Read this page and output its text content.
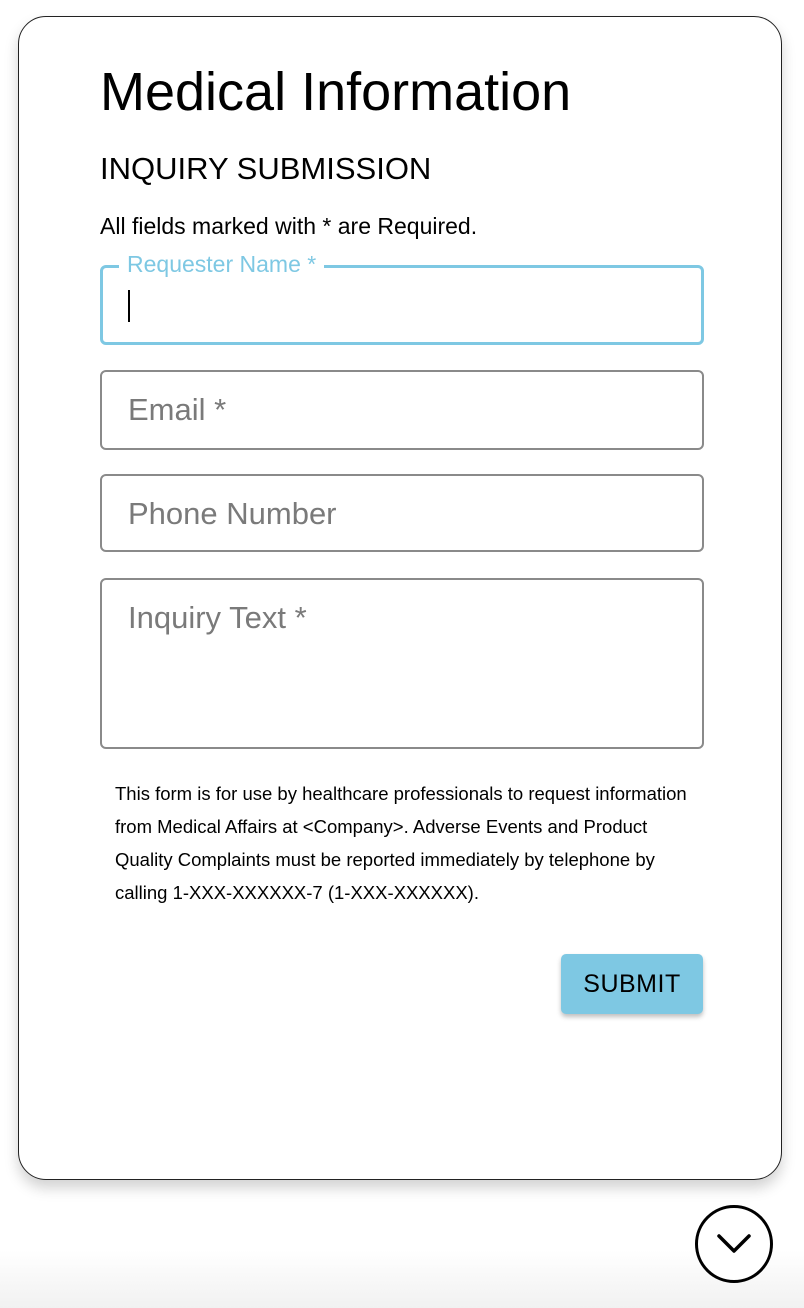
Medical Information
INQUIRY SUBMISSION

All fields marked with * are Required.

Requester Name *
Email *
Phone Number
Inquiry Text *

This form is for use by healthcare professionals to request information from Medical Affairs at <Company>. Adverse Events and Product Quality Complaints must be reported immediately by telephone by calling 1-XXX-XXXXXX-7 (1-XXX-XXXXXX).

SUBMIT
